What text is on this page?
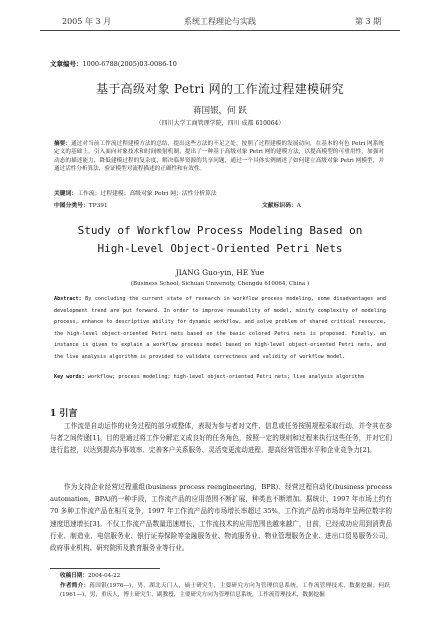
2005 年 3 月	系统工程理论与实践	第 3 期
文章编号：1000-6788(2005)03-0086-10
基于高级对象 Petri 网的工作流过程建模研究
蒋国银，何 跃
（四川大学工商管理学院，四川 成都 610064）
摘要：通过对当前工作流过程建模方法的总结，提出这些方法的不足之处，按照了过程建模的发展动向，在基本的有色 Petri 网系统定义的基础上，引入面向对象技术和时间映射机制，提出了一种基于高级对象 Petri 网的建模方法，以提高模型的可重用性，加强对动态的描述能力，降低建模过程的复杂度，解决临界资源的共享问题，通过一个具体实例阐述了如何建立高级对象 Petri 网模型，并通过活性分析算法，验证模型对流程描述的正确性和有效性。
关键词：工作流；过程建模；高级对象 Petri 网；活性分析算法
中图分类号：TP391	文献标识码：A
Study of Workflow Process Modeling Based on
High-Level Object-Oriented Petri Nets
JIANG Guo-yin, HE Yue
(Business School, Sichuan University, Chengdu 610064, China )
Abstract: By concluding the current state of research in workflow process modeling, some disadvantages and development trend are put forward. In order to improve reusability of model, minify complexity of modeling process, enhance to descriptive ability for dynamic workflow, and solve problem of shared critical resource, the high-level object-oriented Petri nets based on the basic colored Petri nets is proposed. Finally, an instance is given to explain a workflow process model based on high-level object-oriented Petri nets, and the live analysis algorithm is provided to validate correctness and validity of workflow model.
Key words: workflow; process modeling; high-level object-oriented Petri nets; live analysis algorithm
1 引言
工作流是自动运作的业务过程的部分或整体，表现为参与者对文件、信息或任务按照规程采取行动，并令其在参与者之间传递[1]。目的是通过将工作分解定义成良好的任务角色，按照一定的规则和过程来执行这些任务，并对它们进行监控，以达到提高办事效率、完善客户关系服务、灵活变更流动进程、提高经营管理水平和企业竞争力[2]。
作为支持企业经营过程重组(business process reengineering，BPR)、经营过程自动化(business process automation，BPA)的一种手段，工作流产品的应用范围不断扩展，种类也不断增加。据统计，1997 年市场上约有 70 多种工作流产品在相互竞争，1997 年工作流产品的市场增长率超过 35%，工作流产品的市场每年呈两位数字的速度迅速增长[3]。不仅工作流产品数量迅速增长，工作流技术的应用范围也越来越广，目前，已经成功应用到消费品行业、制造业、电信服务业、银行证券保险等金融服务业、物流服务业、物业管理服务企业、进出口贸易服务公司、政府事业机构、研究院所及教育服务业等行业。
收稿日期：2004-04-22
作者简介：蒋国银(1976—)，男，湖北天门人，硕士研究生，主要研究方向为管理信息系统，工作流管理技术，数据挖掘；何跃(1961—)，男，重庆人，博士研究生，副教授，主要研究方向为管理信息系统，工作流管理技术，数据挖掘
